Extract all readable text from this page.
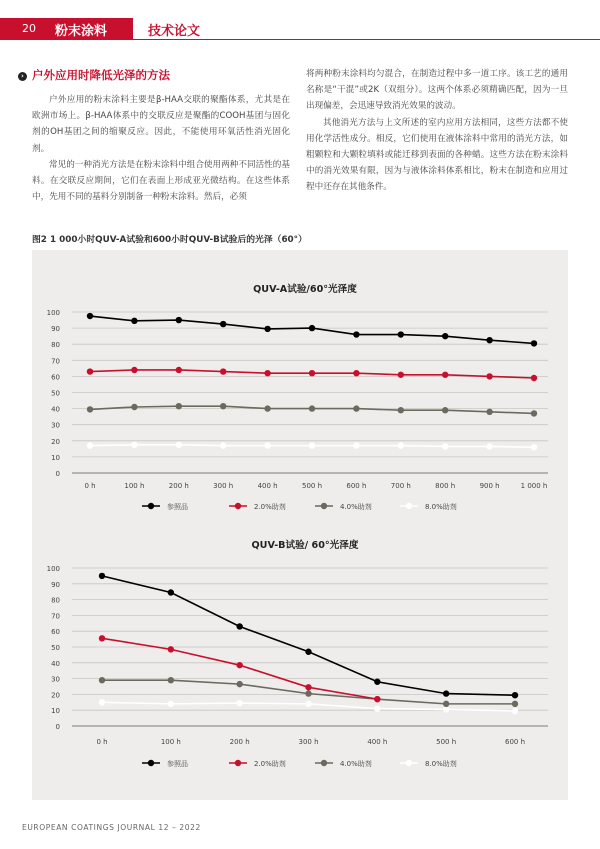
20 粉末涂料	技术论文
› 户外应用时降低光泽的方法

户外应用的粉末涂料主要是β-HAA交联的聚酯体系，尤其是在欧洲市场上。β-HAA体系中的交联反应是聚酯的COOH基团与固化剂的OH基团之间的缩聚反应。因此，不能使用环氧活性消光固化剂。

常见的一种消光方法是在粉末涂料中组合使用两种不同活性的基料。在交联反应期间，它们在表面上形成亚光微结构。在这些体系中，先用不同的基料分别制备一种粉末涂料。然后，必须

将两种粉末涂料均匀混合，在制造过程中多一道工序。该工艺的通用名称是“干混”或2K（双组分）。这两个体系必须精确匹配，因为一旦出现偏差，会迅速导致消光效果的波动。

其他消光方法与上文所述的室内应用方法相同，这些方法都不使用化学活性成分。相反，它们使用在液体涂料中常用的消光方法，如粗颗粒和大颗粒填料或能迁移到表面的各种蜡。这些方法在粉末涂料中的消光效果有限，因为与液体涂料体系相比，粉末在制造和应用过程中还存在其他条件。

图2 1 000小时QUV-A试验和600小时QUV-B试验后的光泽（60°）
QUV-A试验/60°光泽度
0
10
20
30
40
50
60
70
80
90
100
0 h	100 h	200 h	300 h	400 h	500 h	600 h	700 h	800 h	900 h	1 000 h
参照品	2.0%助剂	4.0%助剂	8.0%助剂
QUV-B试验/ 60°光泽度
0
10
20
30
40
50
60
70
80
90
100
0 h	100 h	200 h	300 h	400 h	500 h	600 h
参照品	2.0%助剂	4.0%助剂	8.0%助剂
EUROPEAN COATINGS JOURNAL 12 – 2022
